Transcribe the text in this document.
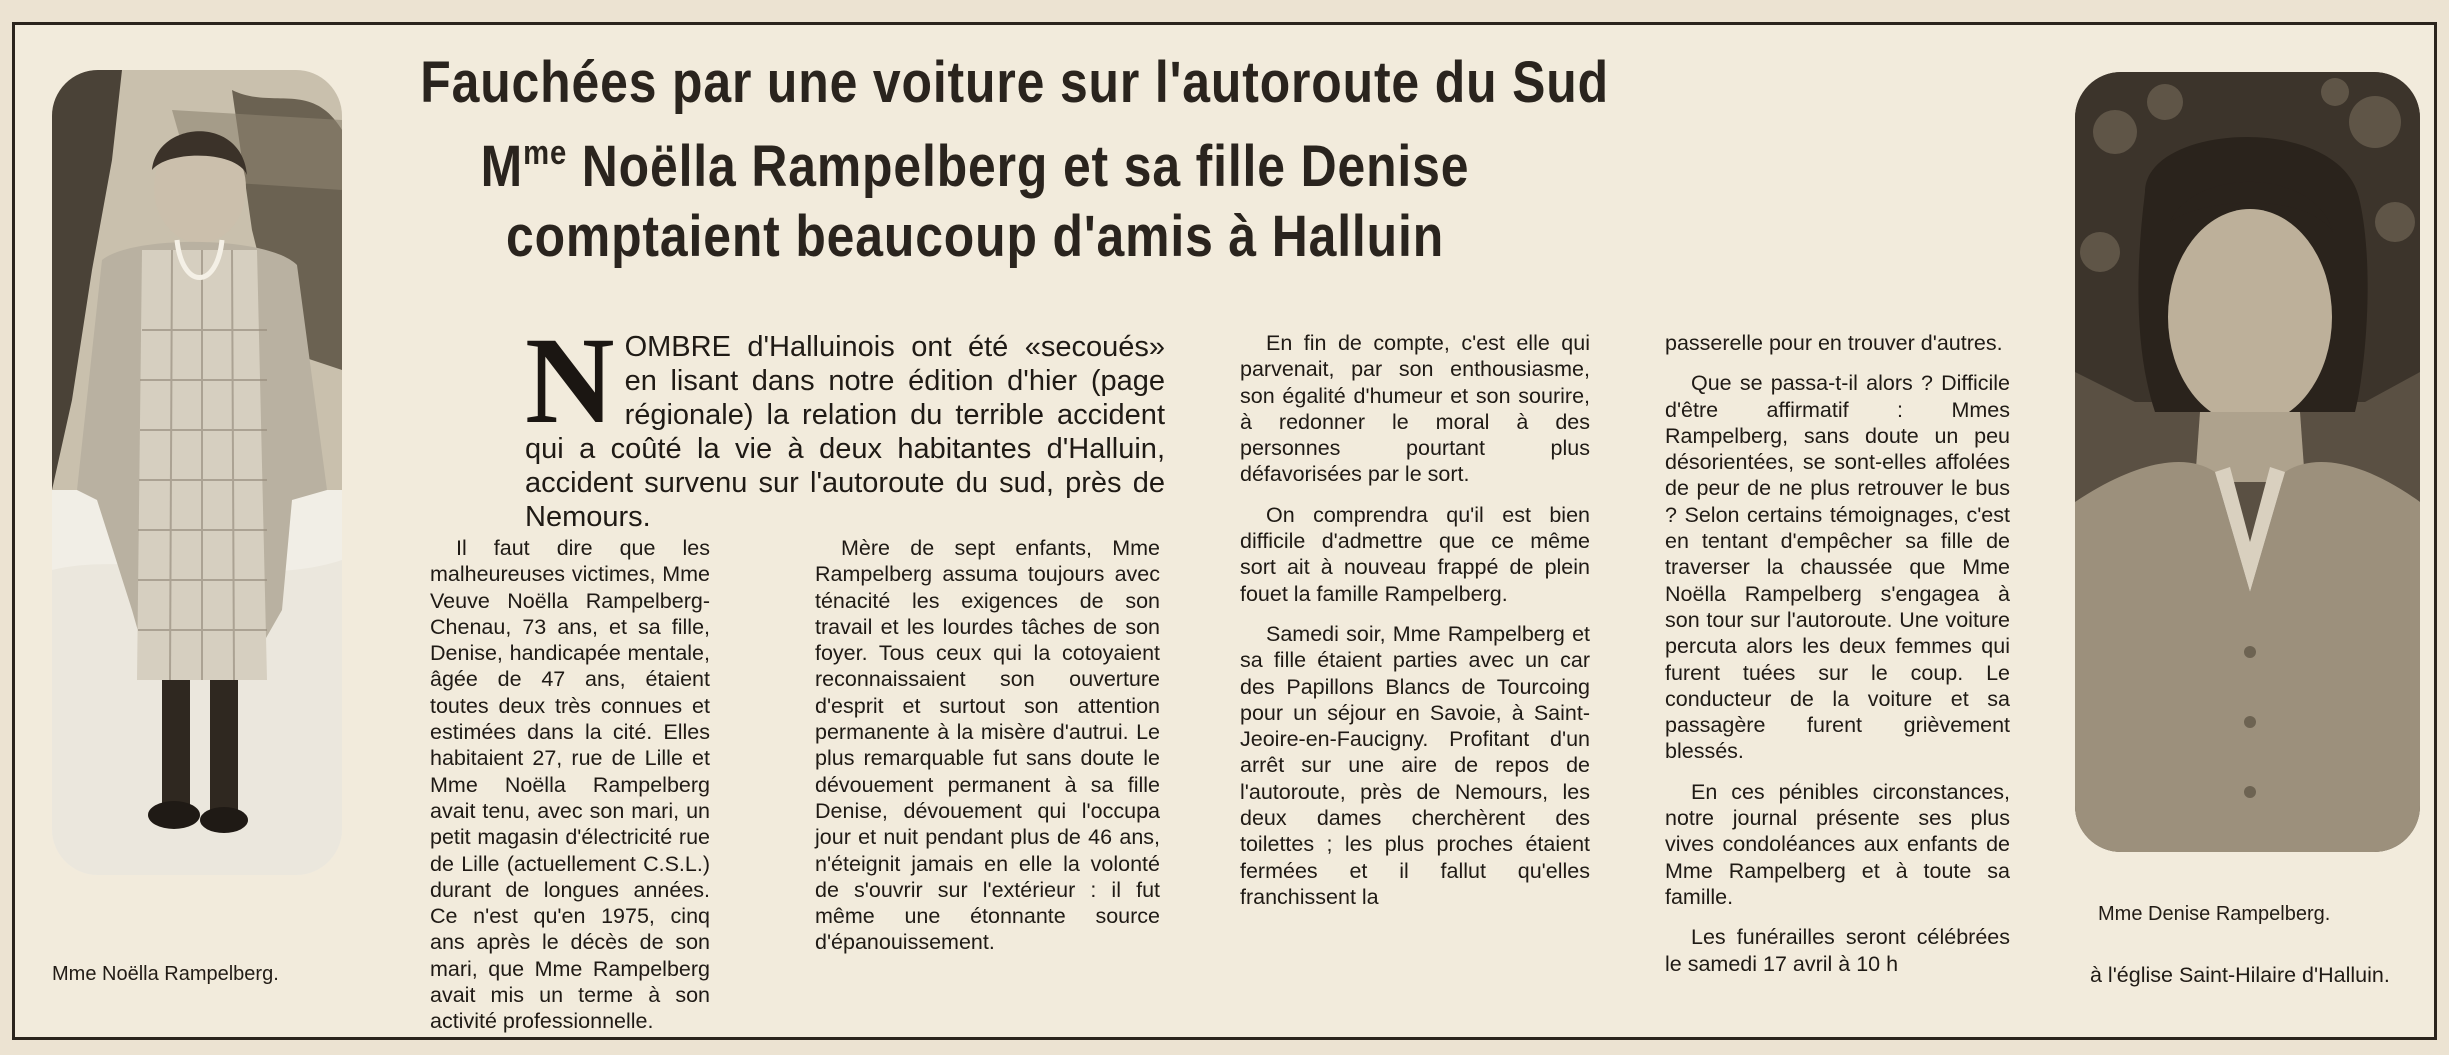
Mme Noëlla Rampelberg.
Fauchées par une voiture sur l'autoroute du Sud
$M^{me}$ Noëlla Rampelberg et sa fille Denise
comptaient beaucoup d'amis à Halluin
NOMBRE d'Halluinois ont été «secoués» en lisant dans notre édition d'hier (page régionale) la relation du terrible accident qui a coûté la vie à deux habitantes d'Halluin, accident survenu sur l'autoroute du sud, près de Nemours.

Il faut dire que les malheureuses victimes, Mme Veuve Noëlla Rampelberg-Chenau, 73 ans, et sa fille, Denise, handicapée mentale, âgée de 47 ans, étaient toutes deux très connues et estimées dans la cité. Elles habitaient 27, rue de Lille et Mme Noëlla Rampelberg avait tenu, avec son mari, un petit magasin d'électricité rue de Lille (actuellement C.S.L.) durant de longues années. Ce n'est qu'en 1975, cinq ans après le décès de son mari, que Mme Rampelberg avait mis un terme à son activité professionnelle.

Mère de sept enfants, Mme Rampelberg assuma toujours avec ténacité les exigences de son travail et les lourdes tâches de son foyer. Tous ceux qui la cotoyaient reconnaissaient son ouverture d'esprit et surtout son attention permanente à la misère d'autrui. Le plus remarquable fut sans doute le dévouement permanent à sa fille Denise, dévouement qui l'occupa jour et nuit pendant plus de 46 ans, n'éteignit jamais en elle la volonté de s'ouvrir sur l'extérieur : il fut même une étonnante source d'épanouissement.

En fin de compte, c'est elle qui parvenait, par son enthousiasme, son égalité d'humeur et son sourire, à redonner le moral à des personnes pourtant plus défavorisées par le sort.

On comprendra qu'il est bien difficile d'admettre que ce même sort ait à nouveau frappé de plein fouet la famille Rampelberg.

Samedi soir, Mme Rampelberg et sa fille étaient parties avec un car des Papillons Blancs de Tourcoing pour un séjour en Savoie, à Saint-Jeoire-en-Faucigny. Profitant d'un arrêt sur une aire de repos de l'autoroute, près de Nemours, les deux dames cherchèrent des toilettes ; les plus proches étaient fermées et il fallut qu'elles franchissent la

passerelle pour en trouver d'autres.

Que se passa-t-il alors ? Difficile d'être affirmatif : Mmes Rampelberg, sans doute un peu désorientées, se sont-elles affolées de peur de ne plus retrouver le bus ? Selon certains témoignages, c'est en tentant d'empêcher sa fille de traverser la chaussée que Mme Noëlla Rampelberg s'engagea à son tour sur l'autoroute. Une voiture percuta alors les deux femmes qui furent tuées sur le coup. Le conducteur de la voiture et sa passagère furent grièvement blessés.

En ces pénibles circonstances, notre journal présente ses plus vives condoléances aux enfants de Mme Rampelberg et à toute sa famille.

Les funérailles seront célébrées le samedi 17 avril à 10 h

Mme Denise Rampelberg.

à l'église Saint-Hilaire d'Halluin.
